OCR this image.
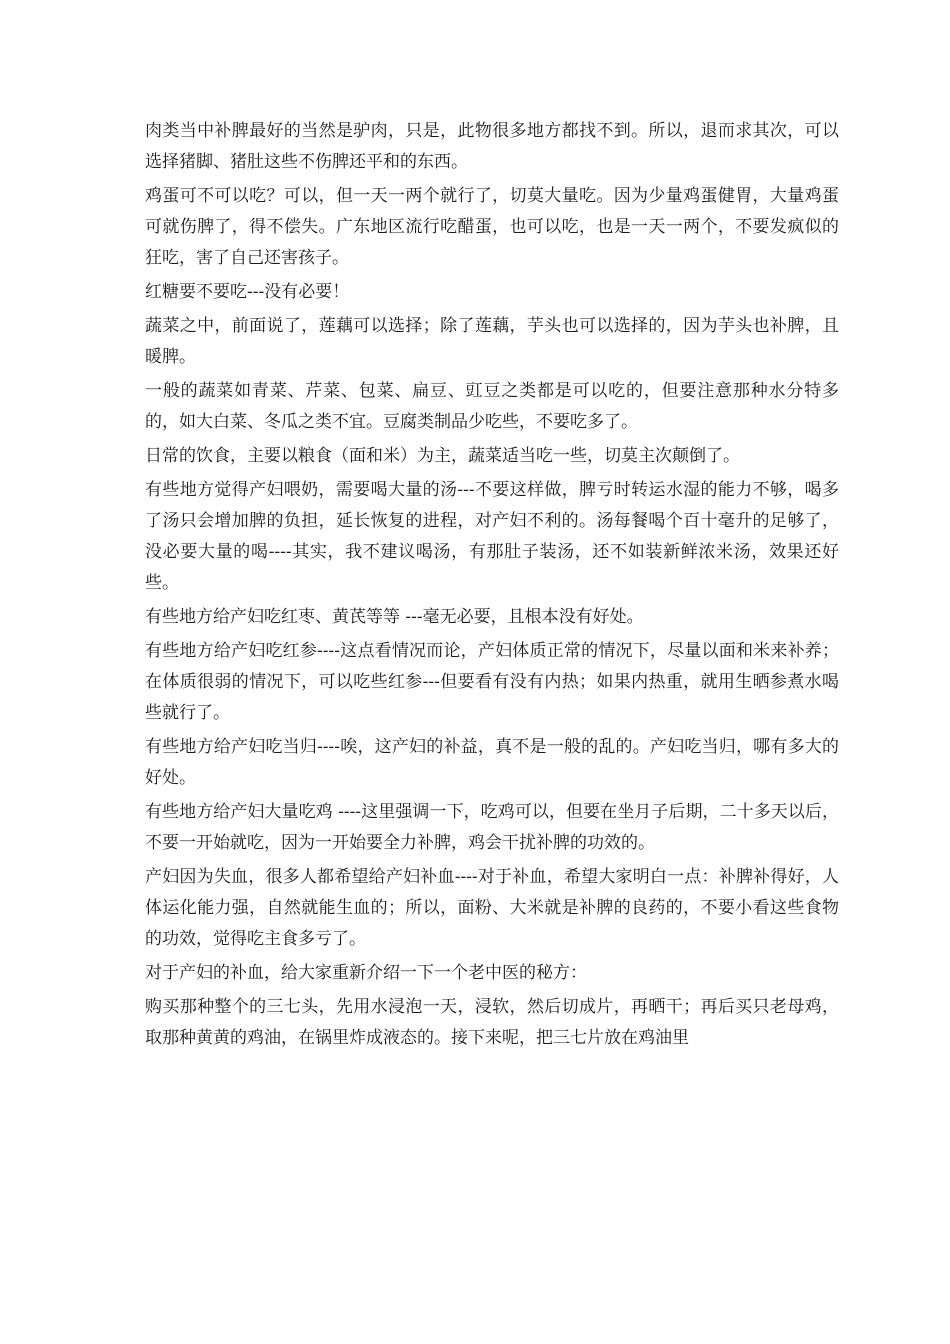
肉类当中补脾最好的当然是驴肉，只是，此物很多地方都找不到。所以，退而求其次，可以选择猪脚、猪肚这些不伤脾还平和的东西。

鸡蛋可不可以吃？可以，但一天一两个就行了，切莫大量吃。因为少量鸡蛋健胃，大量鸡蛋可就伤脾了，得不偿失。广东地区流行吃醋蛋，也可以吃，也是一天一两个，不要发疯似的狂吃，害了自己还害孩子。

红糖要不要吃---没有必要！

蔬菜之中，前面说了，莲藕可以选择；除了莲藕，芋头也可以选择的，因为芋头也补脾，且暖脾。

一般的蔬菜如青菜、芹菜、包菜、扁豆、豇豆之类都是可以吃的，但要注意那种水分特多的，如大白菜、冬瓜之类不宜。豆腐类制品少吃些，不要吃多了。

日常的饮食，主要以粮食（面和米）为主，蔬菜适当吃一些，切莫主次颠倒了。

有些地方觉得产妇喂奶，需要喝大量的汤---不要这样做，脾亏时转运水湿的能力不够，喝多了汤只会增加脾的负担，延长恢复的进程，对产妇不利的。汤每餐喝个百十毫升的足够了，没必要大量的喝----其实，我不建议喝汤，有那肚子装汤，还不如装新鲜浓米汤，效果还好些。

有些地方给产妇吃红枣、黄芪等等 ---毫无必要，且根本没有好处。

有些地方给产妇吃红参----这点看情况而论，产妇体质正常的情况下，尽量以面和米来补养；在体质很弱的情况下，可以吃些红参---但要看有没有内热；如果内热重，就用生晒参煮水喝些就行了。

有些地方给产妇吃当归----唉，这产妇的补益，真不是一般的乱的。产妇吃当归，哪有多大的好处。

有些地方给产妇大量吃鸡 ----这里强调一下，吃鸡可以，但要在坐月子后期，二十多天以后，不要一开始就吃，因为一开始要全力补脾，鸡会干扰补脾的功效的。

产妇因为失血，很多人都希望给产妇补血----对于补血，希望大家明白一点：补脾补得好，人体运化能力强，自然就能生血的；所以，面粉、大米就是补脾的良药的，不要小看这些食物的功效，觉得吃主食多亏了。

对于产妇的补血，给大家重新介绍一下一个老中医的秘方：

购买那种整个的三七头，先用水浸泡一天，浸软，然后切成片，再晒干；再后买只老母鸡，取那种黄黄的鸡油，在锅里炸成液态的。接下来呢，把三七片放在鸡油里
